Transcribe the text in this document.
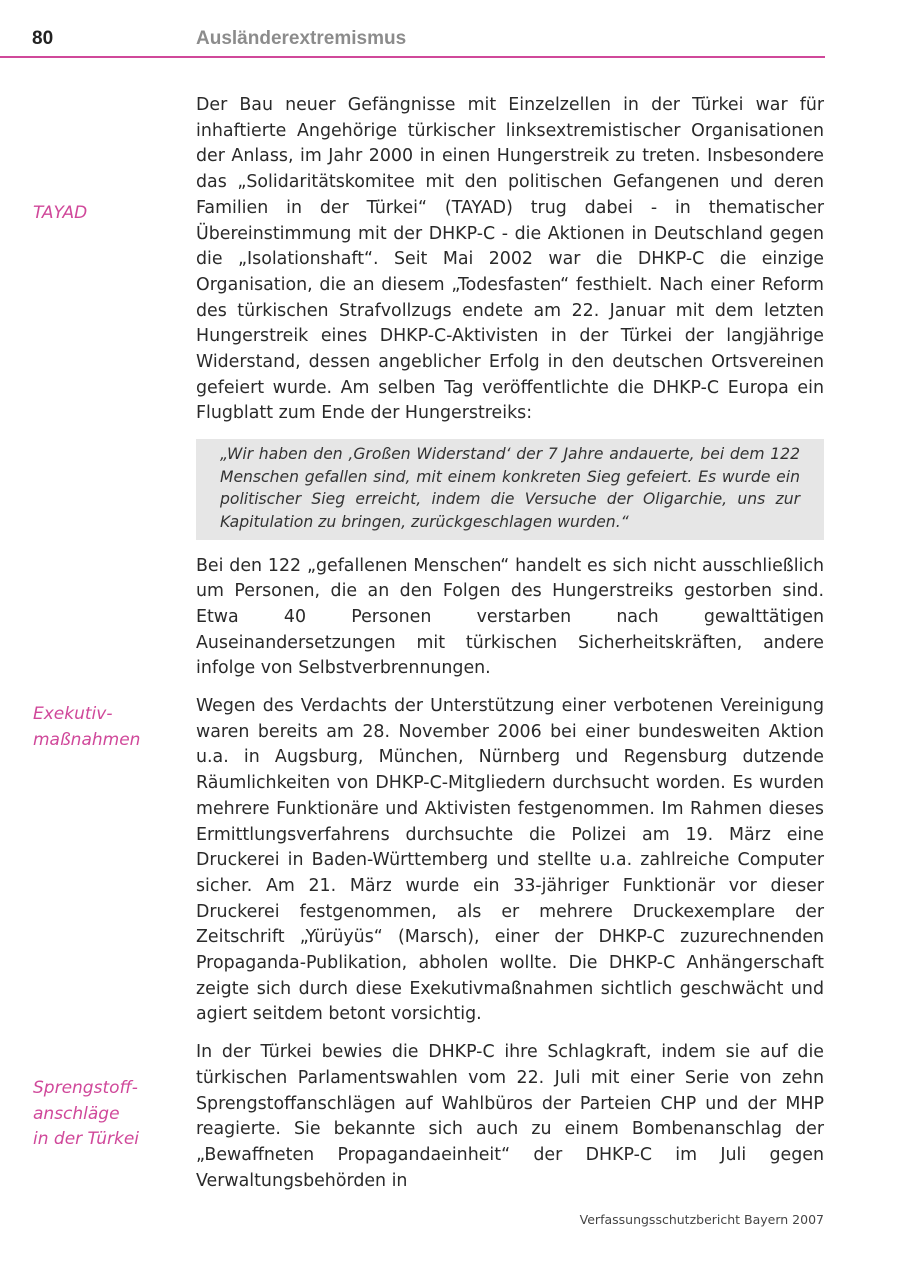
80	Ausländerextremismus
TAYAD
Exekutiv-
maßnahmen
Sprengstoff-
anschläge
in der Türkei

Der Bau neuer Gefängnisse mit Einzelzellen in der Türkei war für inhaftierte Angehörige türkischer linksextremistischer Organisationen der Anlass, im Jahr 2000 in einen Hungerstreik zu treten. Insbesondere das „Solidaritätskomitee mit den politischen Gefangenen und deren Familien in der Türkei“ (TAYAD) trug dabei - in thematischer Übereinstimmung mit der DHKP-C - die Aktionen in Deutschland gegen die „Isolationshaft“. Seit Mai 2002 war die DHKP-C die einzige Organisation, die an diesem „Todesfasten“ festhielt. Nach einer Reform des türkischen Strafvollzugs endete am 22. Januar mit dem letzten Hungerstreik eines DHKP-C-Aktivisten in der Türkei der langjährige Widerstand, dessen angeblicher Erfolg in den deutschen Ortsvereinen gefeiert wurde. Am selben Tag veröffentlichte die DHKP-C Europa ein Flugblatt zum Ende der Hungerstreiks:

„Wir haben den ‚Großen Widerstand‘ der 7 Jahre andauerte, bei dem 122 Menschen gefallen sind, mit einem konkreten Sieg gefeiert. Es wurde ein politischer Sieg erreicht, indem die Versuche der Oligarchie, uns zur Kapitulation zu bringen, zurückgeschlagen wurden.“

Bei den 122 „gefallenen Menschen“ handelt es sich nicht ausschließlich um Personen, die an den Folgen des Hungerstreiks gestorben sind. Etwa 40 Personen verstarben nach gewalttätigen Auseinandersetzungen mit türkischen Sicherheitskräften, andere infolge von Selbstverbrennungen.

Wegen des Verdachts der Unterstützung einer verbotenen Vereinigung waren bereits am 28. November 2006 bei einer bundesweiten Aktion u.a. in Augsburg, München, Nürnberg und Regensburg dutzende Räumlichkeiten von DHKP-C-Mitgliedern durchsucht worden. Es wurden mehrere Funktionäre und Aktivisten festgenommen. Im Rahmen dieses Ermittlungsverfahrens durchsuchte die Polizei am 19. März eine Druckerei in Baden-Württemberg und stellte u.a. zahlreiche Computer sicher. Am 21. März wurde ein 33-jähriger Funktionär vor dieser Druckerei festgenommen, als er mehrere Druckexemplare der Zeitschrift „Yürüyüs“ (Marsch), einer der DHKP-C zuzurechnenden Propaganda-Publikation, abholen wollte. Die DHKP-C Anhängerschaft zeigte sich durch diese Exekutivmaßnahmen sichtlich geschwächt und agiert seitdem betont vorsichtig.

In der Türkei bewies die DHKP-C ihre Schlagkraft, indem sie auf die türkischen Parlamentswahlen vom 22. Juli mit einer Serie von zehn Sprengstoffanschlägen auf Wahlbüros der Parteien CHP und der MHP reagierte. Sie bekannte sich auch zu einem Bombenanschlag der „Bewaffneten Propagandaeinheit“ der DHKP-C im Juli gegen Verwaltungsbehörden in

Verfassungsschutzbericht Bayern 2007
